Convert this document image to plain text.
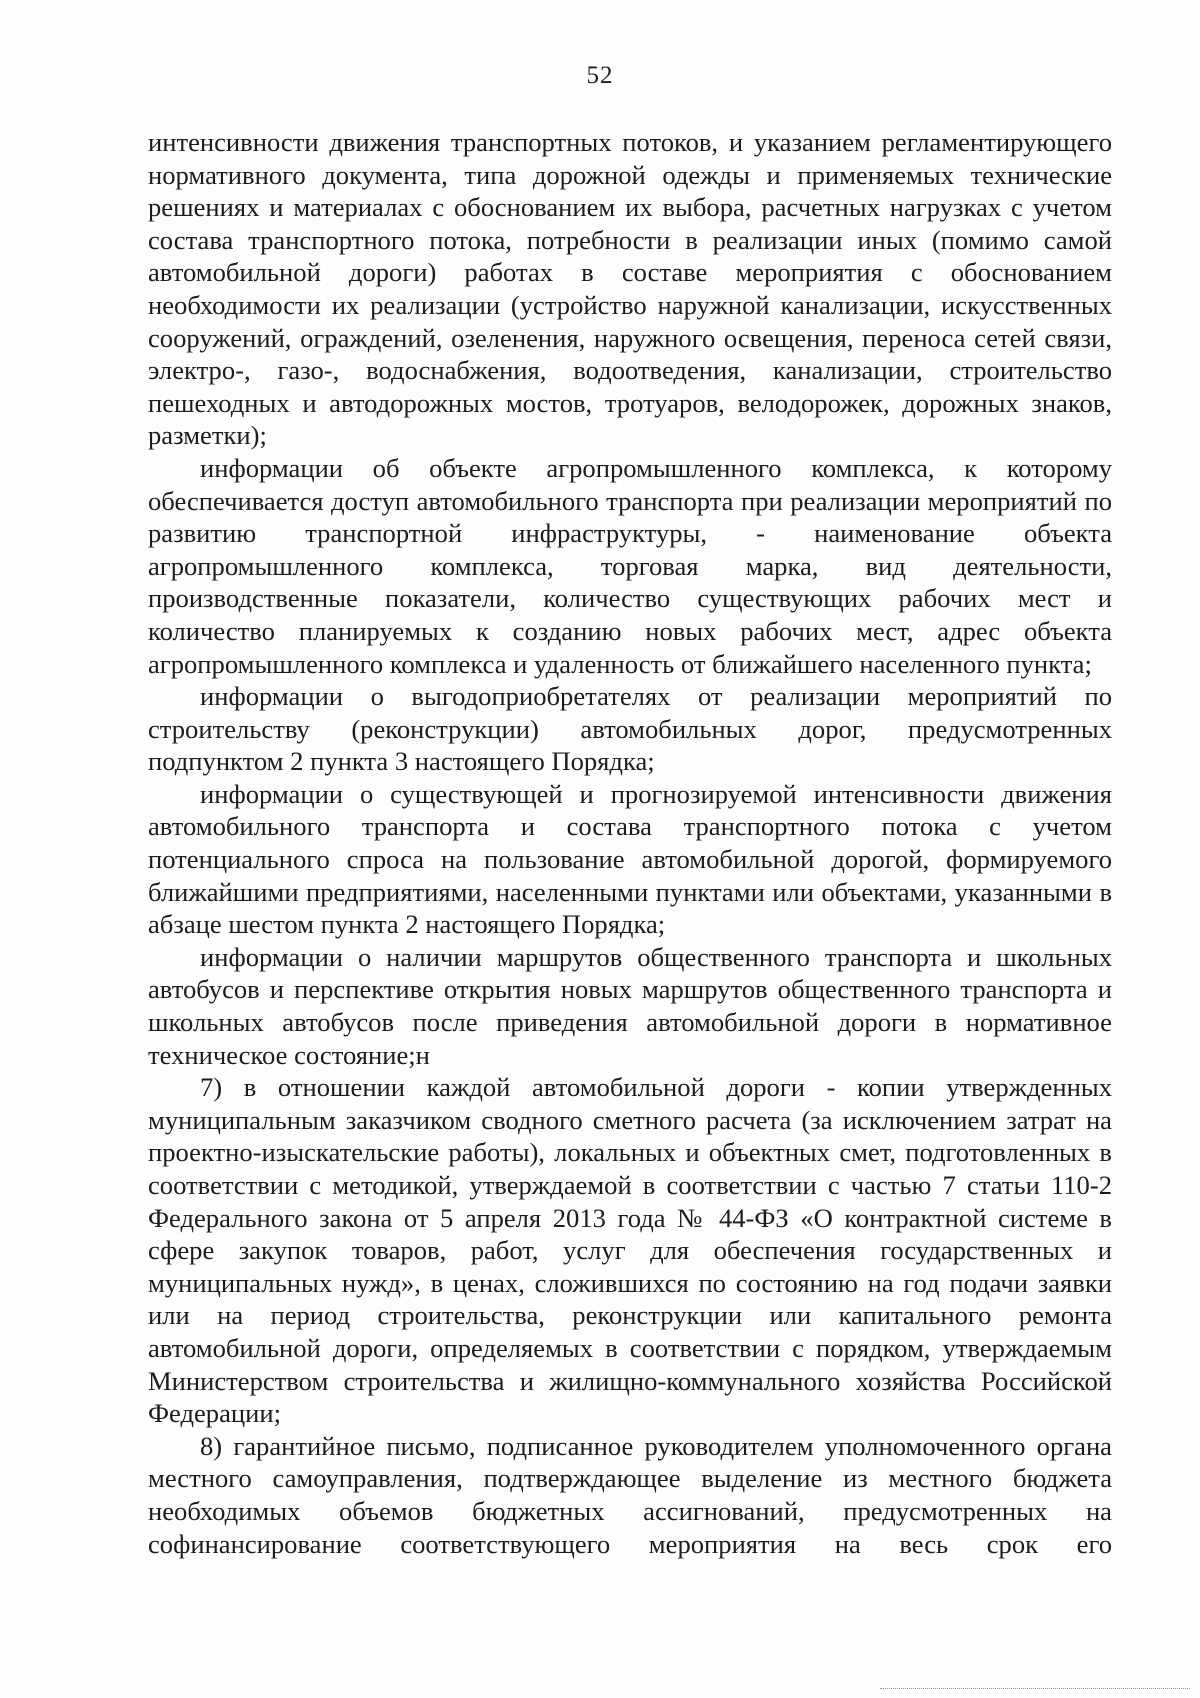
52

интенсивности движения транспортных потоков, и указанием регламентирующего нормативного документа, типа дорожной одежды и применяемых технические решениях и материалах с обоснованием их выбора, расчетных нагрузках с учетом состава транспортного потока, потребности в реализации иных (помимо самой автомобильной дороги) работах в составе мероприятия с обоснованием необходимости их реализации (устройство наружной канализации, искусственных сооружений, ограждений, озеленения, наружного освещения, переноса сетей связи, электро-, газо-, водоснабжения, водоотведения, канализации, строительство пешеходных и автодорожных мостов, тротуаров, велодорожек, дорожных знаков, разметки);

информации об объекте агропромышленного комплекса, к которому обеспечивается доступ автомобильного транспорта при реализации мероприятий по развитию транспортной инфраструктуры, - наименование объекта агропромышленного комплекса, торговая марка, вид деятельности, производственные показатели, количество существующих рабочих мест и количество планируемых к созданию новых рабочих мест, адрес объекта агропромышленного комплекса и удаленность от ближайшего населенного пункта;

информации о выгодоприобретателях от реализации мероприятий по строительству (реконструкции) автомобильных дорог, предусмотренных подпунктом 2 пункта 3 настоящего Порядка;

информации о существующей и прогнозируемой интенсивности движения автомобильного транспорта и состава транспортного потока с учетом потенциального спроса на пользование автомобильной дорогой, формируемого ближайшими предприятиями, населенными пунктами или объектами, указанными в абзаце шестом пункта 2 настоящего Порядка;

информации о наличии маршрутов общественного транспорта и школьных автобусов и перспективе открытия новых маршрутов общественного транспорта и школьных автобусов после приведения автомобильной дороги в нормативное техническое состояние;н

7) в отношении каждой автомобильной дороги - копии утвержденных муниципальным заказчиком сводного сметного расчета (за исключением затрат на проектно-изыскательские работы), локальных и объектных смет, подготовленных в соответствии с методикой, утверждаемой в соответствии с частью 7 статьи 110-2 Федерального закона от 5 апреля 2013 года № 44-ФЗ «О контрактной системе в сфере закупок товаров, работ, услуг для обеспечения государственных и муниципальных нужд», в ценах, сложившихся по состоянию на год подачи заявки или на период строительства, реконструкции или капитального ремонта автомобильной дороги, определяемых в соответствии с порядком, утверждаемым Министерством строительства и жилищно-коммунального хозяйства Российской Федерации;

8) гарантийное письмо, подписанное руководителем уполномоченного органа местного самоуправления, подтверждающее выделение из местного бюджета необходимых объемов бюджетных ассигнований, предусмотренных на софинансирование соответствующего мероприятия на весь срок его
